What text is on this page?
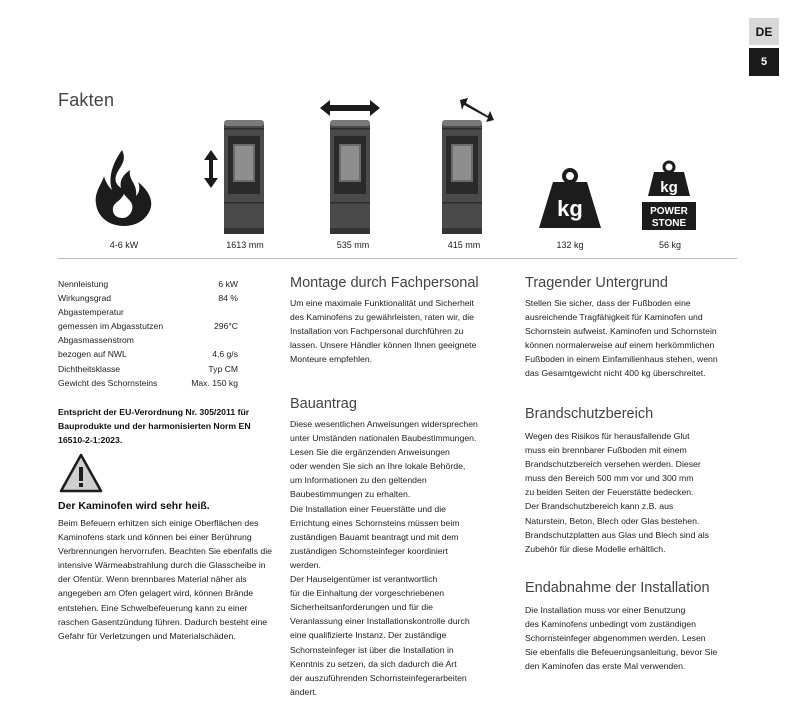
DE
5
Fakten
4-6 kW	1613 mm	535 mm	415 mm
kg
132 kg
kg
POWER
STONE
56 kg
Nennleistung	6 kW
Wirkungsgrad	84 %
Abgastemperatur
gemessen im Abgasstutzen	296°C
Abgasmassenstrom
bezogen auf NWL	4,6 g/s
Dichtheitsklasse	Typ CM
Gewicht des Schornsteins	Max. 150 kg
Entspricht der EU-Verordnung Nr. 305/2011 für Bauprodukte und der harmonisierten Norm EN 16510-2-1:2023.
Der Kaminofen wird sehr heiß.
Beim Befeuern erhitzen sich einige Oberflächen des Kaminofens stark und können bei einer Berührung Verbrennungen hervorrufen. Beachten Sie ebenfalls die intensive Wärmeabstrahlung durch die Glasscheibe in der Ofentür. Wenn brennbares Material näher als angegeben am Ofen gelagert wird, können Brände entstehen. Eine Schwelbefeuerung kann zu einer raschen Gasentzündung führen. Dadurch besteht eine Gefahr für Verletzungen und Materialschäden.
Montage durch Fachpersonal
Um eine maximale Funktionalität und Sicherheit
des Kaminofens zu gewährleisten, raten wir, die
Installation von Fachpersonal durchführen zu
lassen. Unsere Händler können Ihnen geeignete
Monteure empfehlen.
Bauantrag
Diese wesentlichen Anweisungen widersprechen
unter Umständen nationalen Baubestimmungen.
Lesen Sie die ergänzenden Anweisungen
oder wenden Sie sich an Ihre lokale Behörde,
um Informationen zu den geltenden
Baubestimmungen zu erhalten.
Die Installation einer Feuerstätte und die
Errichtung eines Schornsteins müssen beim
zuständigen Bauamt beantragt und mit dem
zuständigen Schornsteinfeger koordiniert
werden.
Der Hauseigentümer ist verantwortlich
für die Einhaltung der vorgeschriebenen
Sicherheitsanforderungen und für die
Veranlassung einer Installationskontrolle durch
eine qualifizierte Instanz. Der zuständige
Schornsteinfeger ist über die Installation in
Kenntnis zu setzen, da sich dadurch die Art
der auszuführenden Schornsteinfegerarbeiten
ändert.
Tragender Untergrund
Stellen Sie sicher, dass der Fußboden eine
ausreichende Tragfähigkeit für Kaminofen und
Schornstein aufweist. Kaminofen und Schornstein
können normalerweise auf einem herkömmlichen
Fußboden in einem Einfamilienhaus stehen, wenn
das Gesamtgewicht nicht 400 kg überschreitet.
Brandschutzbereich
Wegen des Risikos für herausfallende Glut
muss ein brennbarer Fußboden mit einem
Brandschutzbereich versehen werden. Dieser
muss den Bereich 500 mm vor und 300 mm
zu beiden Seiten der Feuerstätte bedecken.
Der Brandschutzbereich kann z.B. aus
Naturstein, Beton, Blech oder Glas bestehen.
Brandschutzplatten aus Glas und Blech sind als
Zubehör für diese Modelle erhältlich.
Endabnahme der Installation
Die Installation muss vor einer Benutzung
des Kaminofens unbedingt vom zuständigen
Schornsteinfeger abgenommen werden. Lesen
Sie ebenfalls die Befeuerungsanleitung, bevor Sie
den Kaminofen das erste Mal verwenden.
